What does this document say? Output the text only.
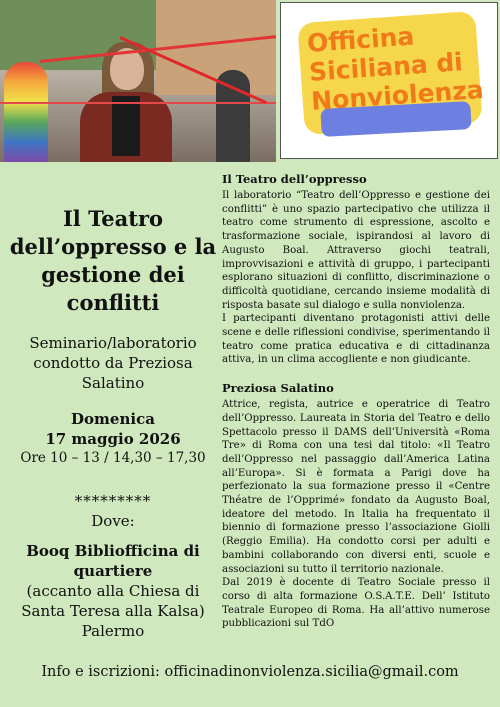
Officina
Siciliana di
Nonviolenza
Il Teatro dell’oppresso e la gestione dei conflitti
Seminario/laboratorio condotto da Preziosa Salatino
Domenica
17 maggio 2026
Ore 10 – 13 / 14,30 – 17,30
*********
Dove:
Booq Bibliofficina di quartiere
(accanto alla Chiesa di Santa Teresa alla Kalsa) Palermo
Il Teatro dell’oppresso

Il laboratorio “Teatro dell’Oppresso e gestione dei conflitti” è uno spazio partecipativo che utilizza il teatro come strumento di espressione, ascolto e trasformazione sociale, ispirandosi al lavoro di Augusto Boal. Attraverso giochi teatrali, improvvisazioni e attività di gruppo, i partecipanti esplorano situazioni di conflitto, discriminazione o difficoltà quotidiane, cercando insieme modalità di risposta basate sul dialogo e sulla nonviolenza.

I partecipanti diventano protagonisti attivi delle scene e delle riflessioni condivise, sperimentando il teatro come pratica educativa e di cittadinanza attiva, in un clima accogliente e non giudicante.

Preziosa Salatino

Attrice, regista, autrice e operatrice di Teatro dell’Oppresso. Laureata in Storia del Teatro e dello Spettacolo presso il DAMS dell’Università «Roma Tre» di Roma con una tesi dal titolo: «Il Teatro dell’Oppresso nel passaggio dall’America Latina all’Europa». Si è formata a Parigi dove ha perfezionato la sua formazione presso il «Centre Théatre de l’Opprimé» fondato da Augusto Boal, ideatore del metodo. In Italia ha frequentato il biennio di formazione presso l’associazione Giolli (Reggio Emilia). Ha condotto corsi per adulti e bambini collaborando con diversi enti, scuole e associazioni su tutto il territorio nazionale.

Dal 2019 è docente di Teatro Sociale presso il corso di alta formazione O.S.A.T.E. Dell’ Istituto Teatrale Europeo di Roma. Ha all’attivo numerose pubblicazioni sul TdO

Info e iscrizioni: officinadinonviolenza.sicilia@gmail.com
